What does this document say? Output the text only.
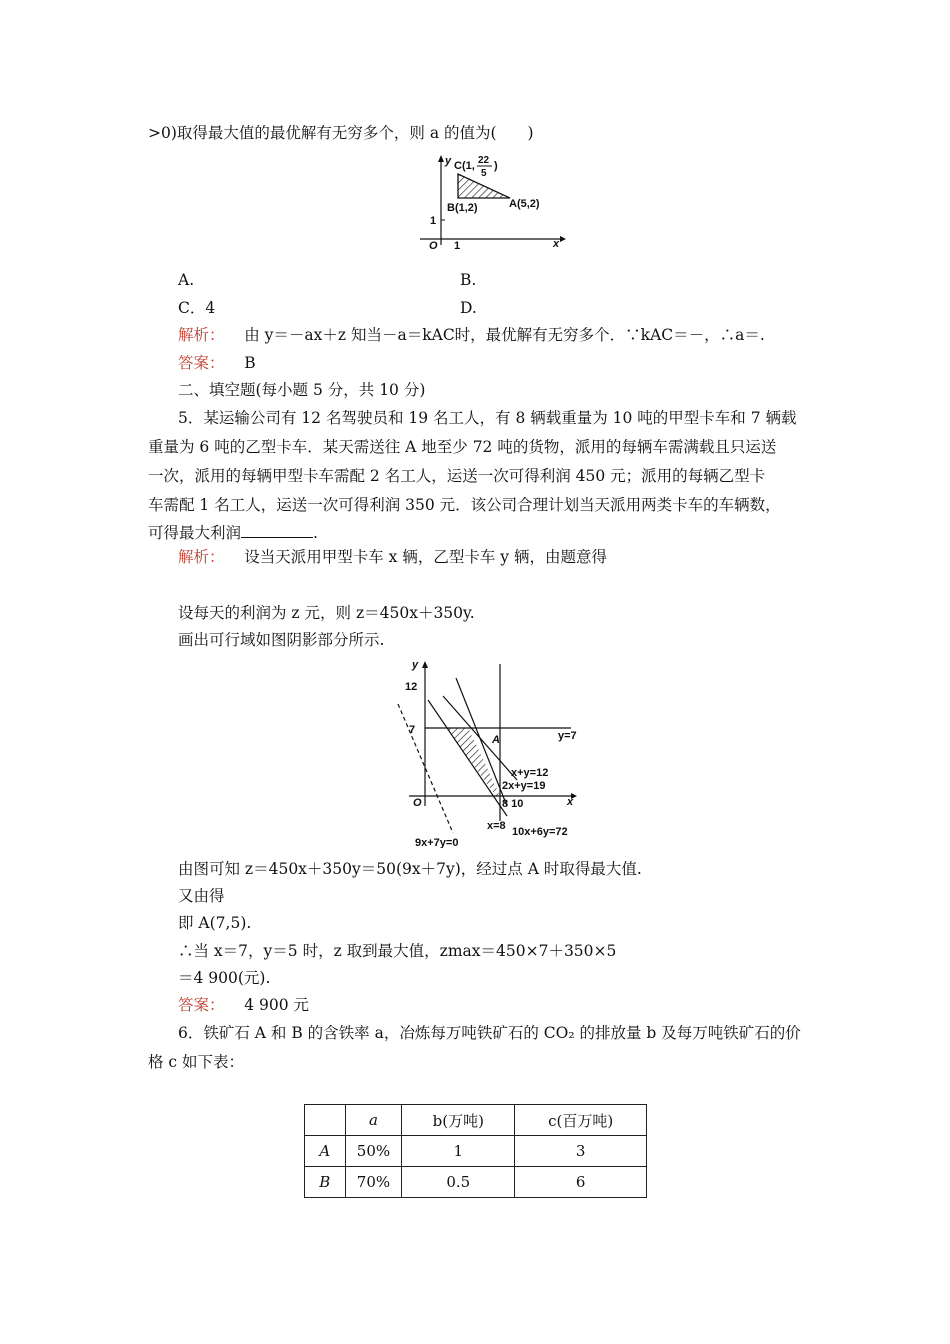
>0)取得最大值的最优解有无穷多个，则 a 的值为(　　)
y
x
O 1
1
C(1, 22
5
)
B(1,2)	A(5,2)
A.	B.
C．4	D.
解析： 由 y＝－ax＋z 知当－a＝kAC时，最优解有无穷多个．∵kAC＝－，∴a＝.
答案： B
二、填空题(每小题 5 分，共 10 分)
5．某运输公司有 12 名驾驶员和 19 名工人，有 8 辆载重量为 10 吨的甲型卡车和 7 辆载
重量为 6 吨的乙型卡车．某天需送往 A 地至少 72 吨的货物，派用的每辆车需满载且只运送
一次，派用的每辆甲型卡车需配 2 名工人，运送一次可得利润 450 元；派用的每辆乙型卡
车需配 1 名工人，运送一次可得利润 350 元．该公司合理计划当天派用两类卡车的车辆数，
可得最大利润	.
解析： 设当天派用甲型卡车 x 辆，乙型卡车 y 辆，由题意得
设每天的利润为 z 元，则 z＝450x＋350y.
画出可行域如图阴影部分所示.
y
x
O
12
7
8 10
A	y=7
x+y=12
2x+y=19
x=8 10x+6y=72
9x+7y=0
由图可知 z＝450x＋350y＝50(9x＋7y)，经过点 A 时取得最大值.
又由得
即 A(7,5).
∴当 x＝7，y＝5 时，z 取到最大值，zmax＝450×7＋350×5
＝4 900(元).
答案： 4 900 元
6．铁矿石 A 和 B 的含铁率 a，冶炼每万吨铁矿石的 CO₂ 的排放量 b 及每万吨铁矿石的价
格 c 如下表：
	a	b(万吨)	c(百万吨)
A	50%	1	3
B	70%	0.5	6
